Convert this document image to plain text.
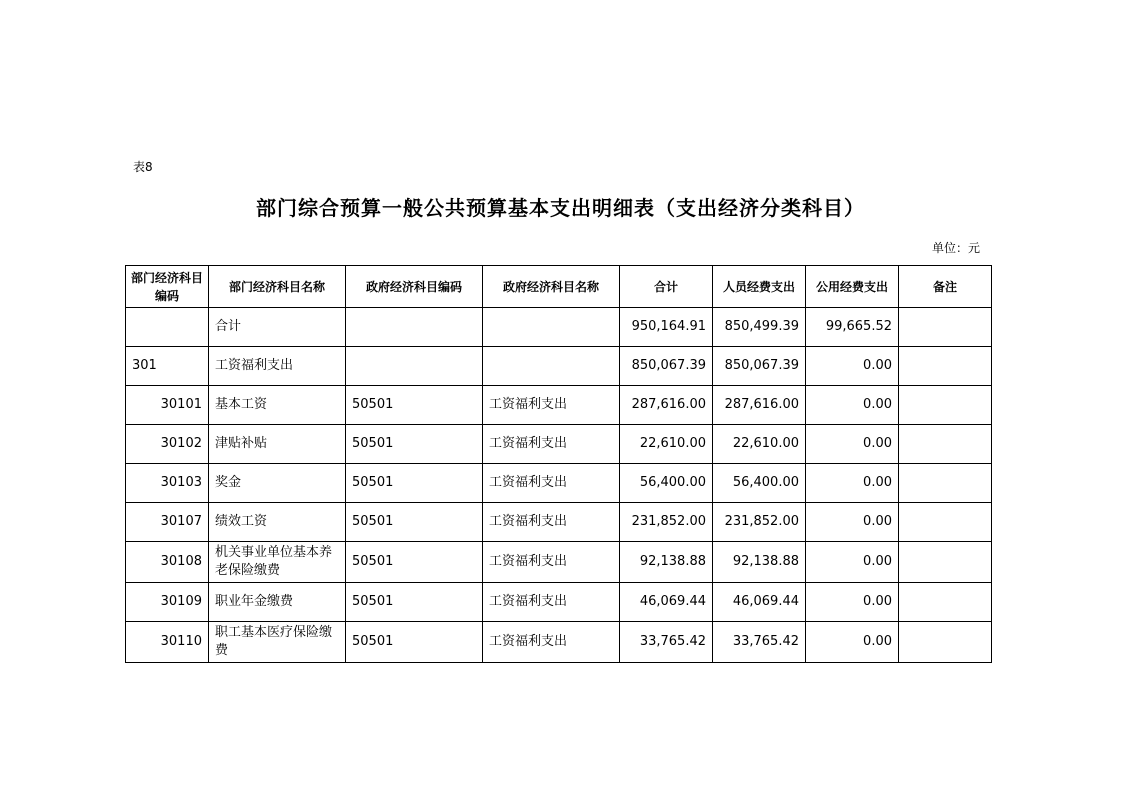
表8
部门综合预算一般公共预算基本支出明细表（支出经济分类科目）
单位：元
部门经济科目编码	部门经济科目名称	政府经济科目编码	政府经济科目名称	合计	人员经费支出	公用经费支出	备注
	合计			950,164.91	850,499.39	99,665.52	
301	工资福利支出			850,067.39	850,067.39	0.00	
30101	基本工资	50501	工资福利支出	287,616.00	287,616.00	0.00	
30102	津贴补贴	50501	工资福利支出	22,610.00	22,610.00	0.00	
30103	奖金	50501	工资福利支出	56,400.00	56,400.00	0.00	
30107	绩效工资	50501	工资福利支出	231,852.00	231,852.00	0.00	
30108	机关事业单位基本养老保险缴费	50501	工资福利支出	92,138.88	92,138.88	0.00	
30109	职业年金缴费	50501	工资福利支出	46,069.44	46,069.44	0.00	
30110	职工基本医疗保险缴费	50501	工资福利支出	33,765.42	33,765.42	0.00	
